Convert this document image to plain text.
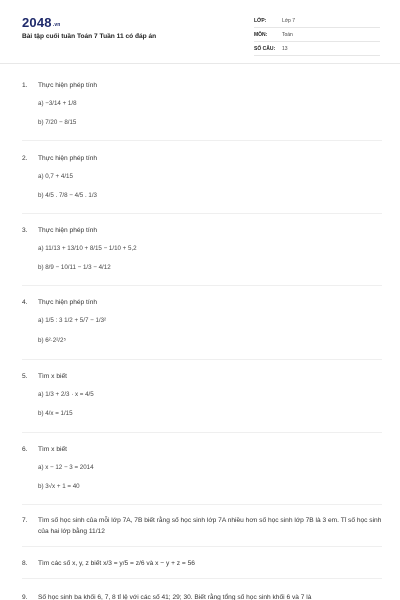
2048.vn
Bài tập cuối tuần Toán 7 Tuần 11 có đáp án
LỚP:	Lớp 7
MÔN:	Toán
SỐ CÂU:	13
1.	Thực hiện phép tính
a) −3/14 + 1/8
b) 7/20 − 8/15
2.	Thực hiện phép tính
a) 0,7 + 4/15
b) 4/5 . 7/8 − 4/5 . 1/3
3.	Thực hiện phép tính
a) 11/13 + 13/10 + 8/15 − 1/10 + 5,2
b) 8/9 − 10/11 − 1/3 − 4/12
4.	Thực hiện phép tính
a) 1/5 : 3 1/2 + 5/7 − 1/3²
b) 6²·2²/2⁵
5.	Tìm x biết
a) 1/3 + 2/3 · x = 4/5
b) 4/x = 1/15
6.	Tìm x biết
a) x − 12 − 3 = 2014
b) 3√x + 1 = 40
7.	Tìm số học sinh của mỗi lớp 7A, 7B biết rằng số học sinh lớp 7A nhiều hơn số học sinh lớp 7B là 3 em. Tỉ số học sinh của hai lớp bằng 11/12
8.	Tìm các số x, y, z biết x/3 = y/5 = z/6 và x − y + z = 56
9.	Số học sinh ba khối 6, 7, 8 tỉ lệ với các số 41; 29; 30. Biết rằng tổng số học sinh khối 6 và 7 là
